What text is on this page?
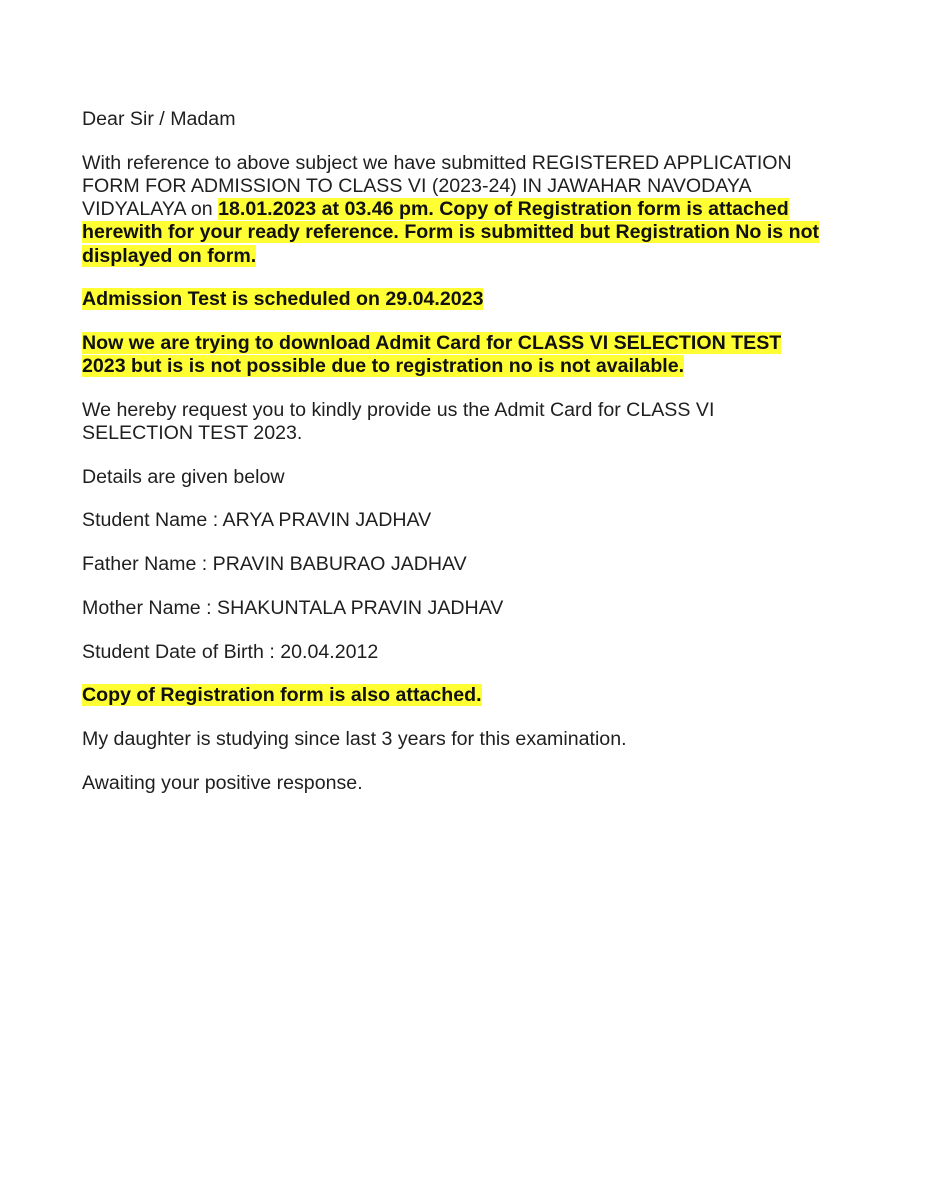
Dear Sir / Madam

With reference to above subject we have submitted REGISTERED APPLICATION
FORM FOR ADMISSION TO CLASS VI (2023-24) IN JAWAHAR NAVODAYA
VIDYALAYA on 18.01.2023 at 03.46 pm. Copy of Registration form is attached
herewith for your ready reference. Form is submitted but Registration No is not
displayed on form.

Admission Test is scheduled on 29.04.2023

Now we are trying to download Admit Card for CLASS VI SELECTION TEST
2023 but is is not possible due to registration no is not available.

We hereby request you to kindly provide us the Admit Card for CLASS VI
SELECTION TEST 2023.

Details are given below

Student Name : ARYA PRAVIN JADHAV

Father Name : PRAVIN BABURAO JADHAV

Mother Name : SHAKUNTALA PRAVIN JADHAV

Student Date of Birth : 20.04.2012

Copy of Registration form is also attached.

My daughter is studying since last 3 years for this examination.

Awaiting your positive response.
